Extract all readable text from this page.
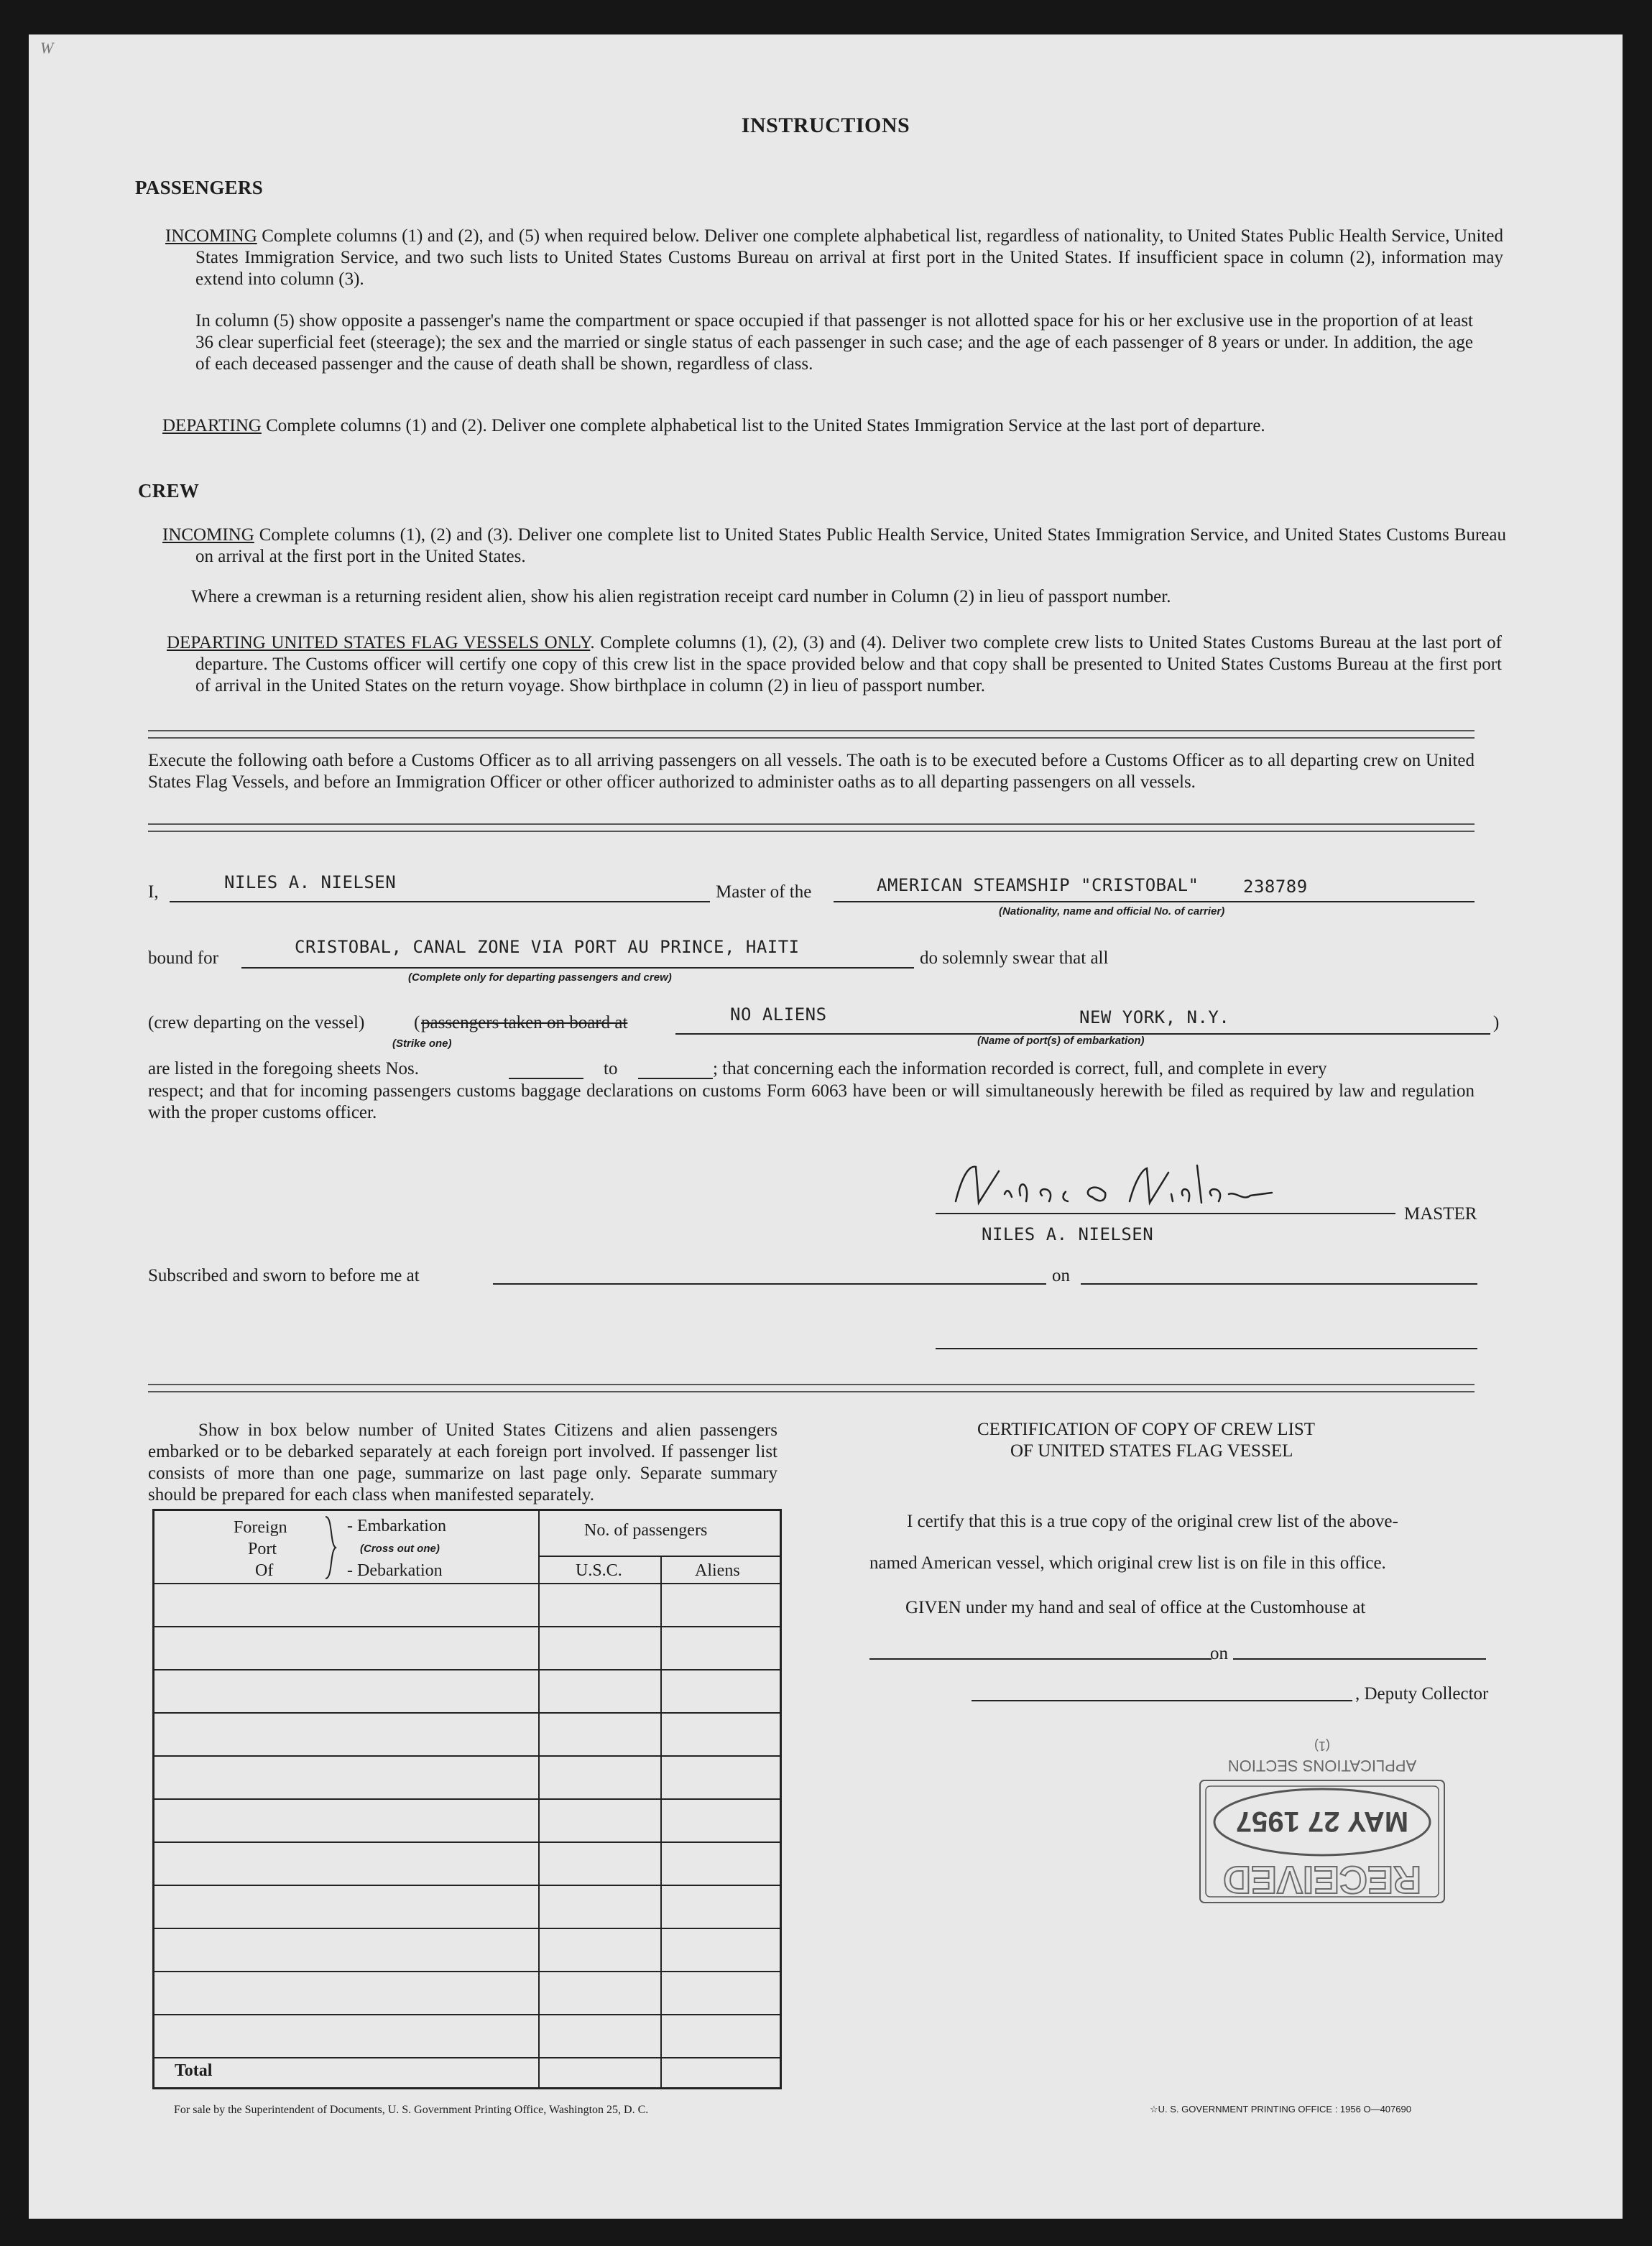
W
INSTRUCTIONS
PASSENGERS
INCOMING Complete columns (1) and (2), and (5) when required below. Deliver one complete alphabetical list, regardless of nationality, to United States Public Health Service, United States Immigration Service, and two such lists to United States Customs Bureau on arrival at first port in the United States. If insufficient space in column (2), information may extend into column (3).
In column (5) show opposite a passenger's name the compartment or space occupied if that passenger is not allotted space for his or her exclusive use in the proportion of at least 36 clear superficial feet (steerage); the sex and the married or single status of each passenger in such case; and the age of each passenger of 8 years or under. In addition, the age of each deceased passenger and the cause of death shall be shown, regardless of class.
DEPARTING Complete columns (1) and (2). Deliver one complete alphabetical list to the United States Immigration Service at the last port of departure.
CREW
INCOMING Complete columns (1), (2) and (3). Deliver one complete list to United States Public Health Service, United States Immigration Service, and United States Customs Bureau on arrival at the first port in the United States.
Where a crewman is a returning resident alien, show his alien registration receipt card number in Column (2) in lieu of passport number.
DEPARTING UNITED STATES FLAG VESSELS ONLY. Complete columns (1), (2), (3) and (4). Deliver two complete crew lists to United States Customs Bureau at the last port of departure. The Customs officer will certify one copy of this crew list in the space provided below and that copy shall be presented to United States Customs Bureau at the first port of arrival in the United States on the return voyage. Show birthplace in column (2) in lieu of passport number.
Execute the following oath before a Customs Officer as to all arriving passengers on all vessels. The oath is to be executed before a Customs Officer as to all departing crew on United States Flag Vessels, and before an Immigration Officer or other officer authorized to administer oaths as to all departing passengers on all vessels.
I,	NILES A. NIELSEN	Master of the	AMERICAN STEAMSHIP "CRISTOBAL"	238789
(Nationality, name and official No. of carrier)
bound for
CRISTOBAL, CANAL ZONE VIA PORT AU PRINCE, HAITI
do solemnly swear that all
(Complete only for departing passengers and crew)
(crew departing on the vessel)	( passengers taken on board at
(Strike one)
NO ALIENS	NEW YORK, N.Y.	)
(Name of port(s) of embarkation)
are listed in the foregoing sheets Nos.	to	; that concerning each the information recorded is correct, full, and complete in every
respect; and that for incoming passengers customs baggage declarations on customs Form 6063 have been or will simultaneously herewith be filed as required by law and regulation with the proper customs officer.
MASTER
NILES A. NIELSEN
Subscribed and sworn to before me at	on
Show in box below number of United States Citizens and alien passengers embarked or to be debarked separately at each foreign port involved. If passenger list consists of more than one page, summarize on last page only. Separate summary should be prepared for each class when manifested separately.
Foreign
Port
Of
- Embarkation
(Cross out one)
- Debarkation
No. of passengers
U.S.C.	Aliens
Total
CERTIFICATION OF COPY OF CREW LIST
OF UNITED STATES FLAG VESSEL
I certify that this is a true copy of the original crew list of the above-
named American vessel, which original crew list is on file in this office.
GIVEN under my hand and seal of office at the Customhouse at
on
, Deputy Collector
RECEIVED
MAY 27 1957
APPLICATIONS SECTION
(1)
For sale by the Superintendent of Documents, U. S. Government Printing Office, Washington 25, D. C.	☆U. S. GOVERNMENT PRINTING OFFICE : 1956 O—407690
